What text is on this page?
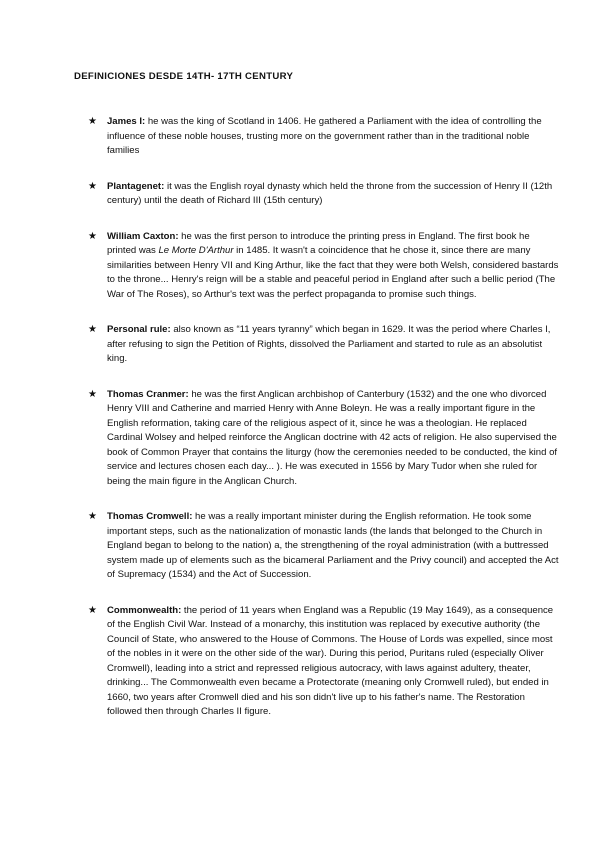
DEFINICIONES DESDE 14TH- 17TH CENTURY
★ James I: he was the king of Scotland in 1406. He gathered a Parliament with the idea of controlling the influence of these noble houses, trusting more on the government rather than in the traditional noble families
★ Plantagenet: it was the English royal dynasty which held the throne from the succession of Henry II (12th century) until the death of Richard III (15th century)
★ William Caxton: he was the first person to introduce the printing press in England. The first book he printed was Le Morte D'Arthur in 1485. It wasn't a coincidence that he chose it, since there are many similarities between Henry VII and King Arthur, like the fact that they were both Welsh, considered bastards to the throne... Henry's reign will be a stable and peaceful period in England after such a bellic period (The War of The Roses), so Arthur's text was the perfect propaganda to promise such things.
★ Personal rule: also known as “11 years tyranny” which began in 1629. It was the period where Charles I, after refusing to sign the Petition of Rights, dissolved the Parliament and started to rule as an absolutist king.
★ Thomas Cranmer: he was the first Anglican archbishop of Canterbury (1532) and the one who divorced Henry VIII and Catherine and married Henry with Anne Boleyn. He was a really important figure in the English reformation, taking care of the religious aspect of it, since he was a theologian. He replaced Cardinal Wolsey and helped reinforce the Anglican doctrine with 42 acts of religion. He also supervised the book of Common Prayer that contains the liturgy (how the ceremonies needed to be conducted, the kind of service and lectures chosen each day... ). He was executed in 1556 by Mary Tudor when she ruled for being the main figure in the Anglican Church.
★ Thomas Cromwell: he was a really important minister during the English reformation. He took some important steps, such as the nationalization of monastic lands (the lands that belonged to the Church in England began to belong to the nation) a, the strengthening of the royal administration (with a buttressed system made up of elements such as the bicameral Parliament and the Privy council) and accepted the Act of Supremacy (1534) and the Act of Succession.
★ Commonwealth: the period of 11 years when England was a Republic (19 May 1649), as a consequence of the English Civil War. Instead of a monarchy, this institution was replaced by executive authority (the Council of State, who answered to the House of Commons. The House of Lords was expelled, since most of the nobles in it were on the other side of the war). During this period, Puritans ruled (especially Oliver Cromwell), leading into a strict and repressed religious autocracy, with laws against adultery, theater, drinking... The Commonwealth even became a Protectorate (meaning only Cromwell ruled), but ended in 1660, two years after Cromwell died and his son didn't live up to his father's name. The Restoration followed then through Charles II figure.
